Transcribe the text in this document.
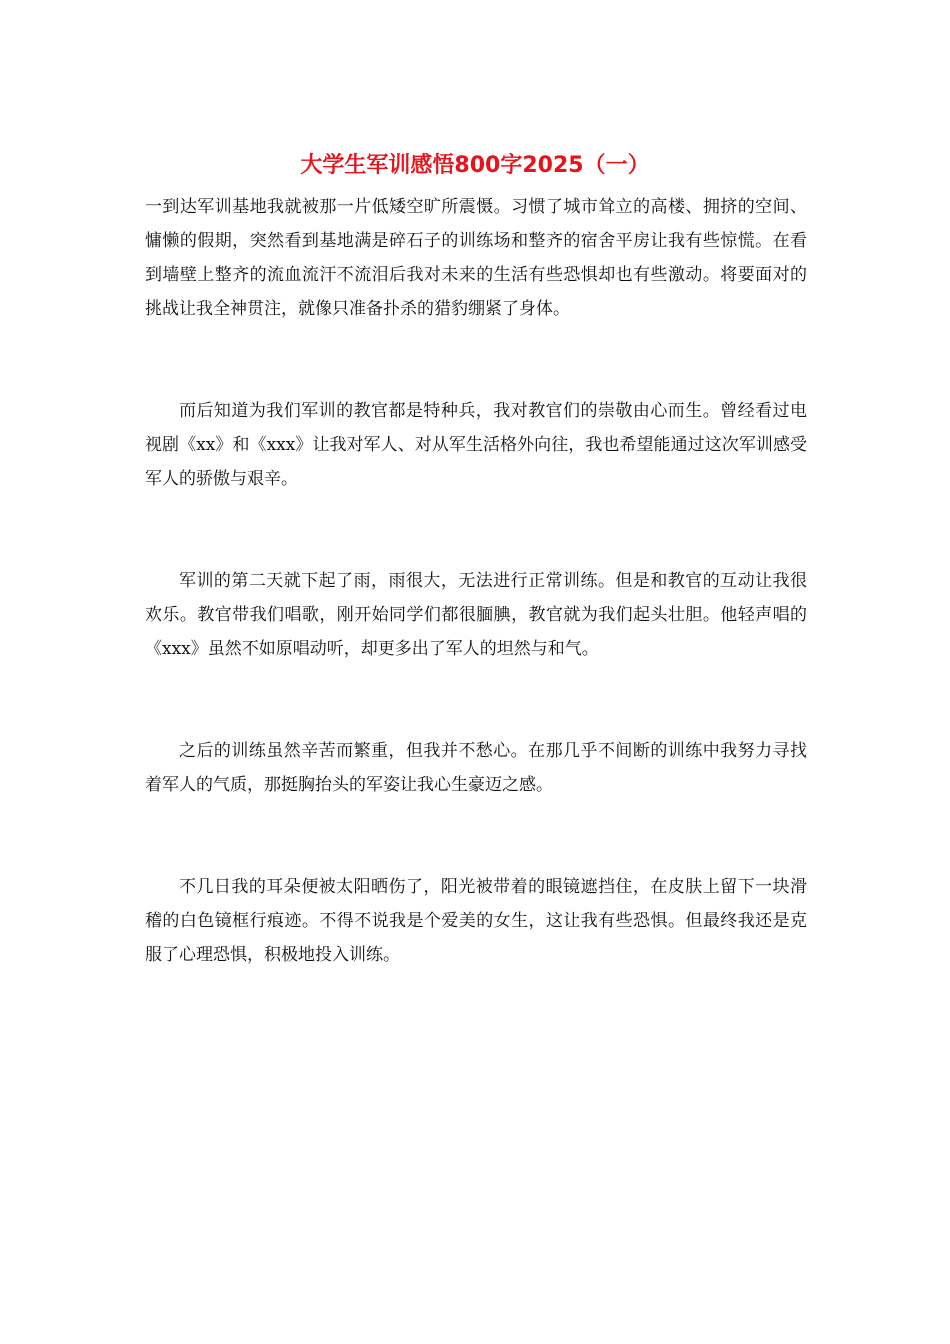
大学生军训感悟800字2025（一）

一到达军训基地我就被那一片低矮空旷所震慑。习惯了城市耸立的高楼、拥挤的空间、慵懒的假期，突然看到基地满是碎石子的训练场和整齐的宿舍平房让我有些惊慌。在看到墙壁上整齐的流血流汗不流泪后我对未来的生活有些恐惧却也有些激动。将要面对的挑战让我全神贯注，就像只准备扑杀的猎豹绷紧了身体。

而后知道为我们军训的教官都是特种兵，我对教官们的崇敬由心而生。曾经看过电视剧《xx》和《xxx》让我对军人、对从军生活格外向往，我也希望能通过这次军训感受军人的骄傲与艰辛。

军训的第二天就下起了雨，雨很大，无法进行正常训练。但是和教官的互动让我很欢乐。教官带我们唱歌，刚开始同学们都很腼腆，教官就为我们起头壮胆。他轻声唱的《xxx》虽然不如原唱动听，却更多出了军人的坦然与和气。

之后的训练虽然辛苦而繁重，但我并不愁心。在那几乎不间断的训练中我努力寻找着军人的气质，那挺胸抬头的军姿让我心生豪迈之感。

不几日我的耳朵便被太阳晒伤了，阳光被带着的眼镜遮挡住，在皮肤上留下一块滑稽的白色镜框行痕迹。不得不说我是个爱美的女生，这让我有些恐惧。但最终我还是克服了心理恐惧，积极地投入训练。
